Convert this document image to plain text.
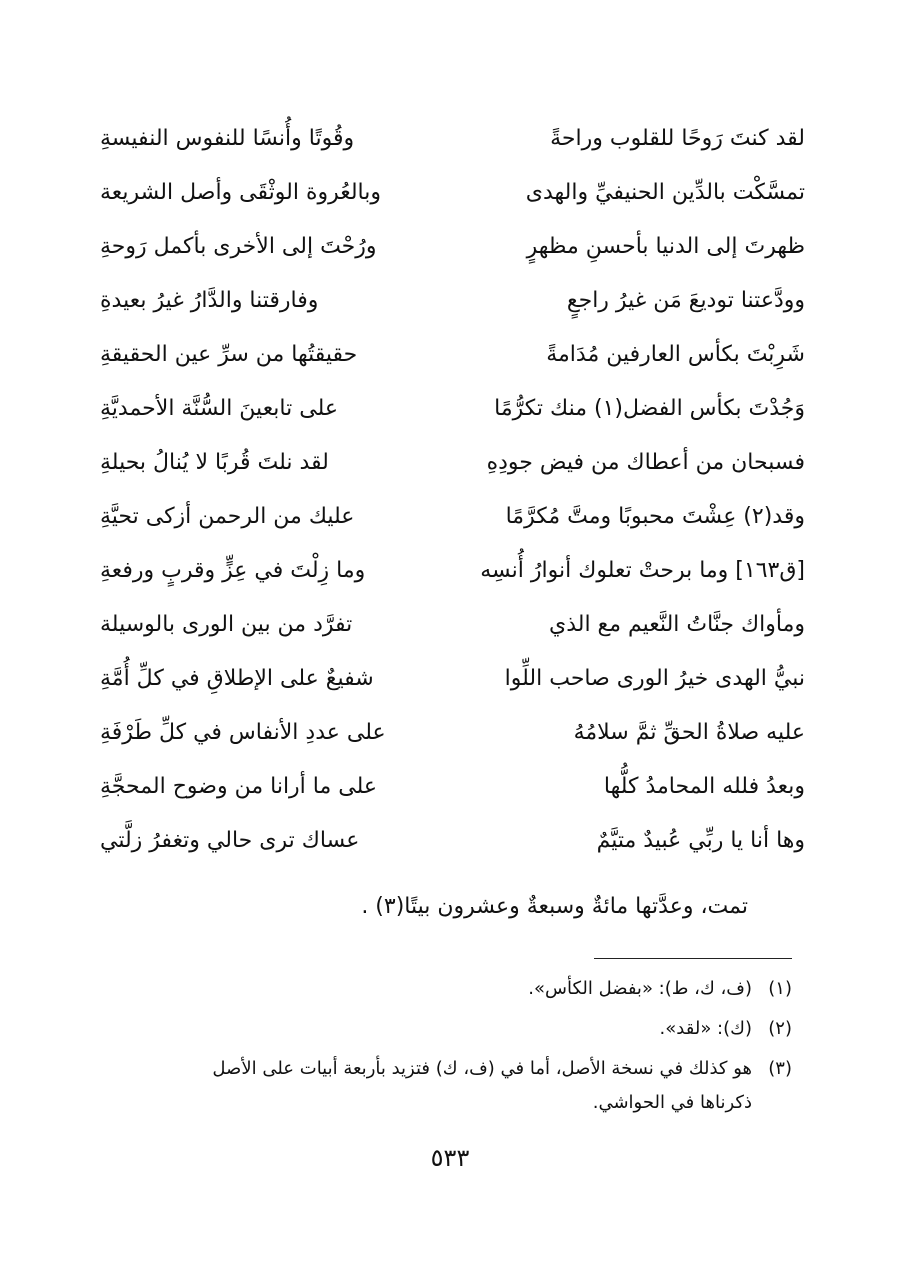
لقد كنتَ رَوحًا للقلوب وراحةً
وقُوتًا وأُنسًا للنفوس النفيسةِ
تمسَّكْت بالدِّين الحنيفيِّ والهدى
وبالعُروة الوثْقَى وأصل الشريعة
ظهرتَ إلى الدنيا بأحسنِ مظهرٍ
ورُحْتَ إلى الأخرى بأكمل رَوحةِ
وودَّعتنا توديعَ مَن غيرُ راجعٍ
وفارقتنا والدَّارُ غيرُ بعيدةِ
شَرِبْتَ بكأس العارفين مُدَامةً
حقيقتُها من سرِّ عين الحقيقةِ
وَجُدْتَ بكأس الفضل(١) منك تكرُّمًا
على تابعينَ السُّنَّة الأحمديَّةِ
فسبحان من أعطاك من فيض جودِهِ
لقد نلتَ قُربًا لا يُنالُ بحيلةِ
وقد(٢) عِشْتَ محبوبًا ومتَّ مُكرَّمًا
عليك من الرحمن أزكى تحيَّةِ
[ق١٦٣] وما برحتْ تعلوك أنوارُ أُنسِه
وما زِلْتَ في عِزٍّ وقربٍ ورفعةِ
ومأواك جنَّاتُ النَّعيم مع الذي
تفرَّد من بين الورى بالوسيلة
نبيُّ الهدى خيرُ الورى صاحب اللِّوا
شفيعٌ على الإطلاقِ في كلِّ أُمَّةِ
عليه صلاةُ الحقِّ ثمَّ سلامُهُ
على عددِ الأنفاس في كلِّ طَرْفَةِ
وبعدُ فلله المحامدُ كلُّها
على ما أرانا من وضوح المحجَّةِ
وها أنا يا ربِّي عُبيدٌ متيَّمٌ
عساك ترى حالي وتغفرُ زلَّتي
تمت، وعدَّتها مائةٌ وسبعةٌ وعشرون بيتًا(٣) .
(١)(ف، ك، ط): «بفضل الكأس».
(٢)(ك): «لقد».
(٣)هو كذلك في نسخة الأصل، أما في (ف، ك) فتزيد بأربعة أبيات على الأصل
ذكرناها في الحواشي.
٥٣٣
